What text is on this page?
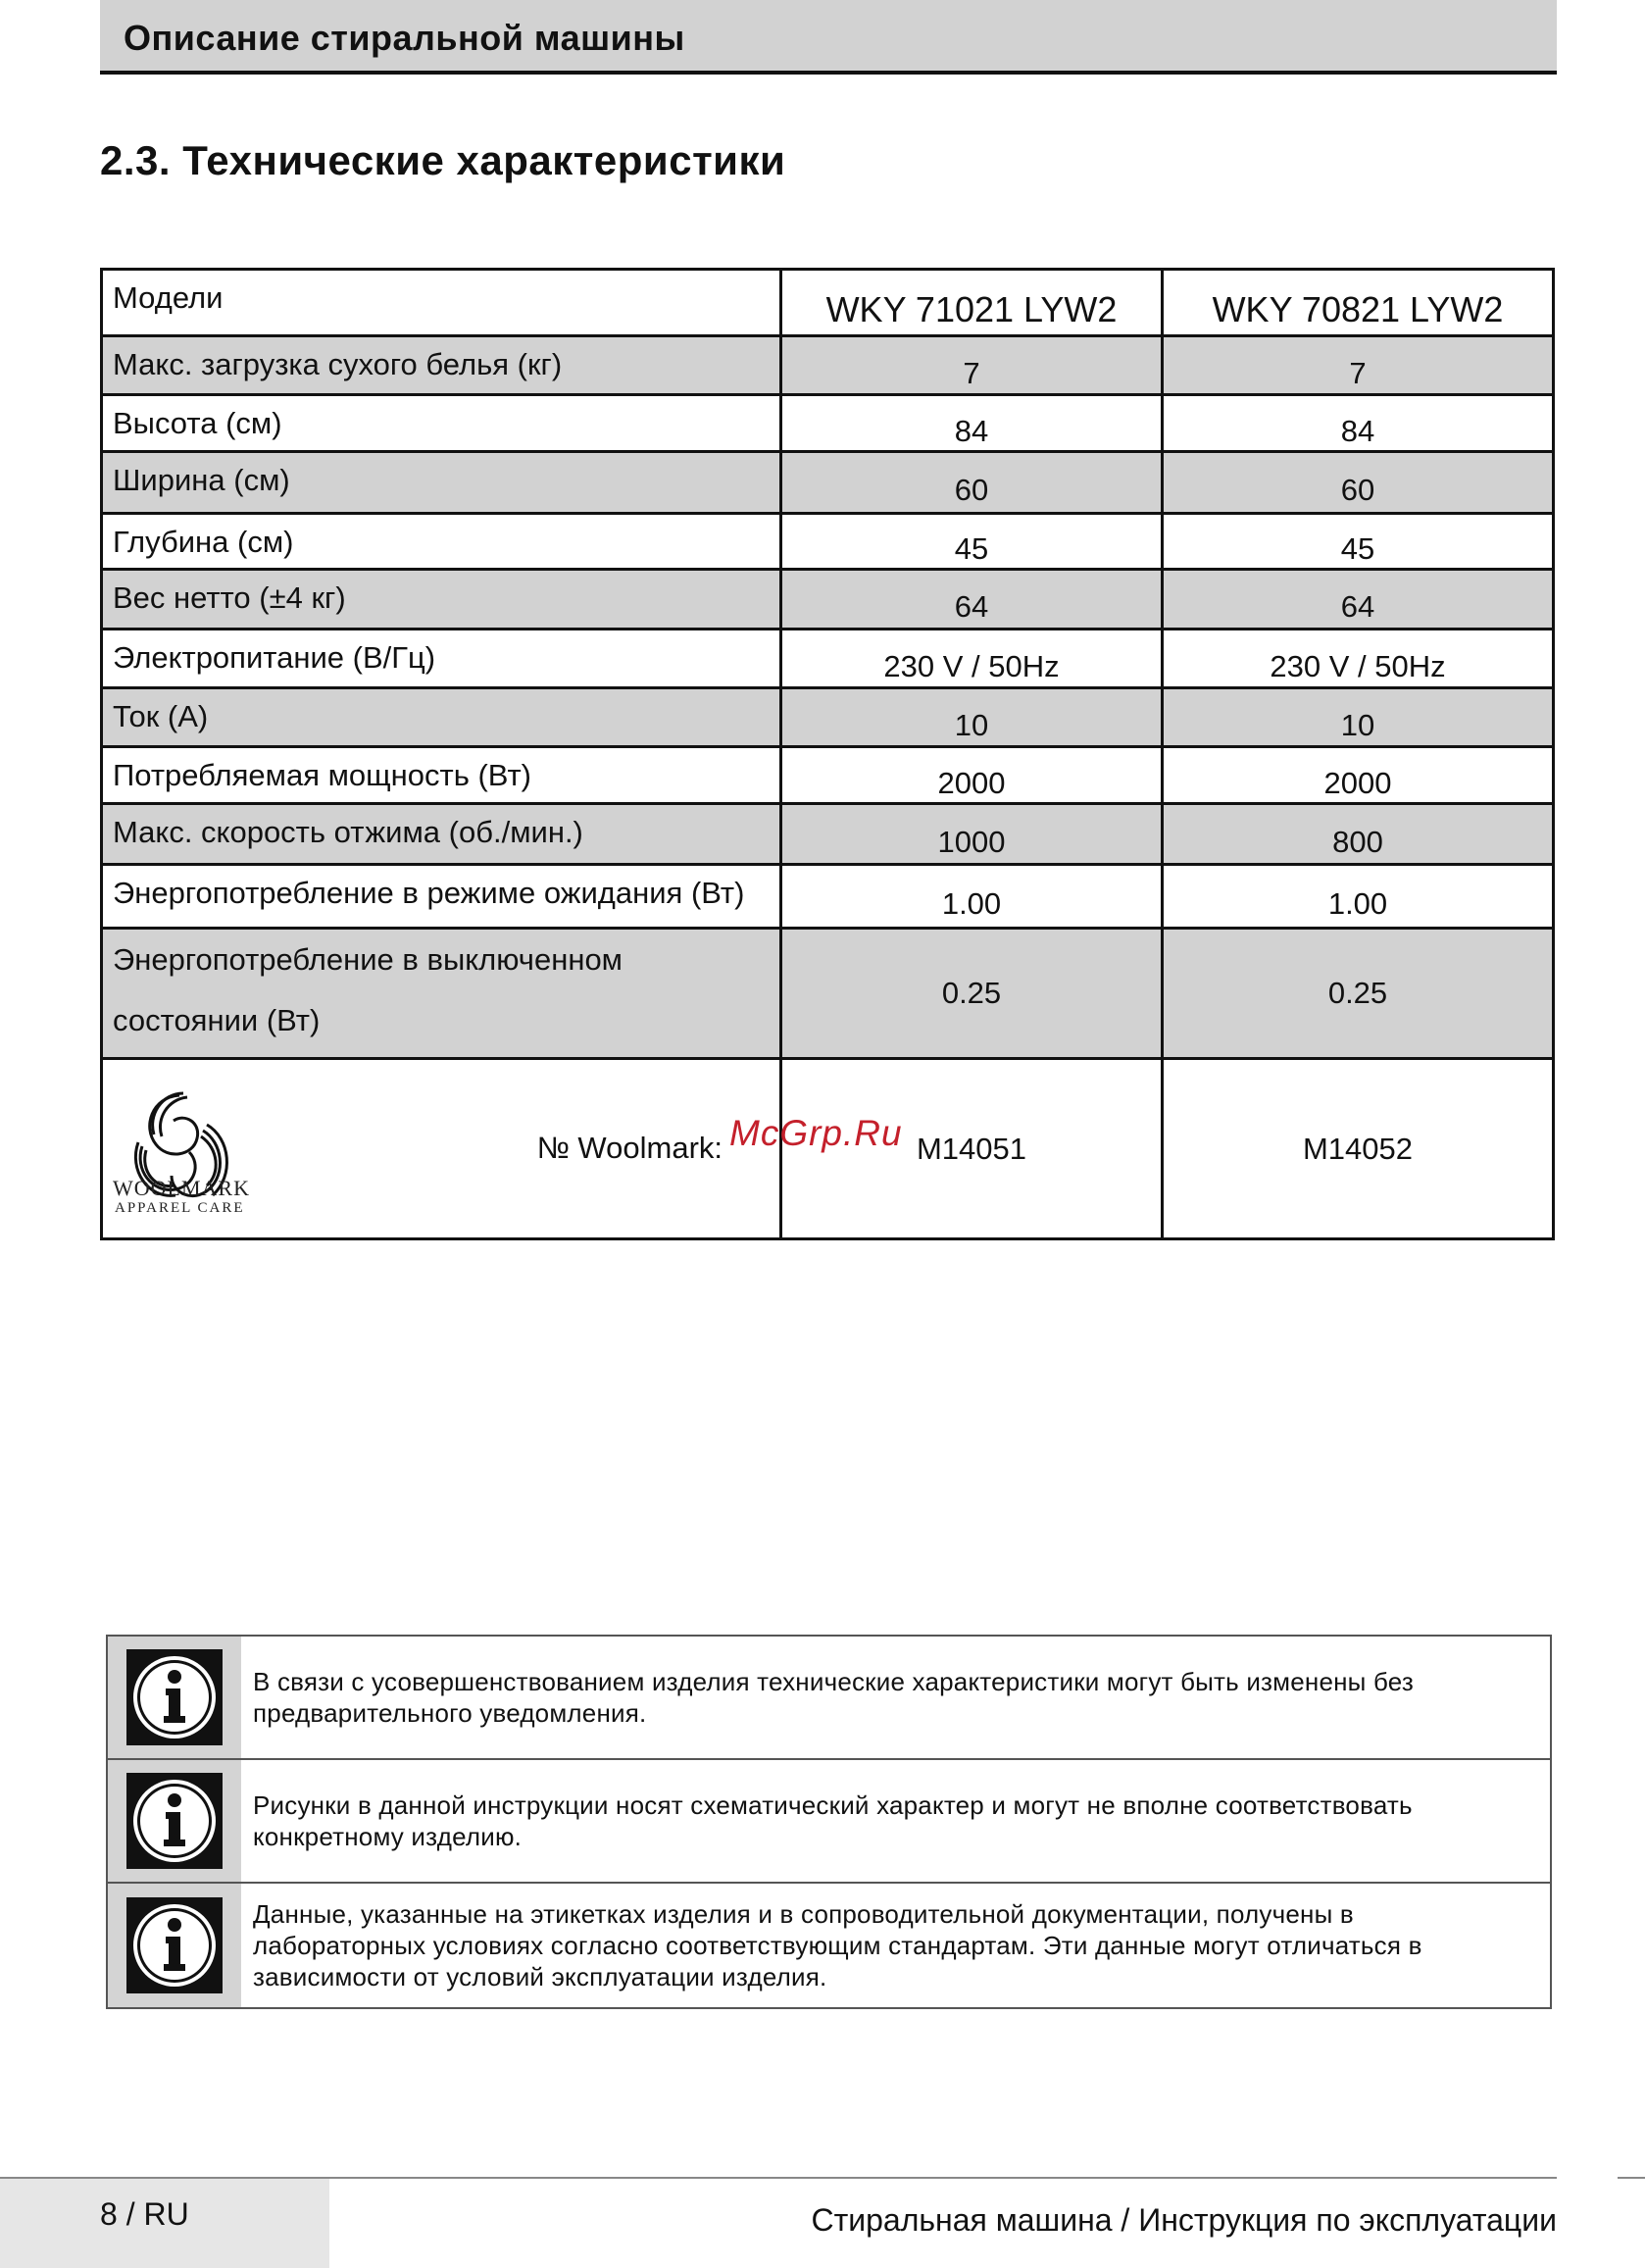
Описание стиральной машины
2.3. Технические характеристики
Модели	WKY 71021 LYW2	WKY 70821 LYW2
Макс. загрузка сухого белья (кг)	7	7
Высота (см)	84	84
Ширина (см)	60	60
Глубина (см)	45	45
Вес нетто (±4 кг)	64	64
Электропитание (В/Гц)	230 V / 50Hz	230 V / 50Hz
Ток (А)	10	10
Потребляемая мощность (Вт)	2000	2000
Макс. скорость отжима (об./мин.)	1000	800
Энергопотребление в режиме ожидания (Вт)	1.00	1.00
Энергопотребление в выключенном
состоянии (Вт)	0.25	0.25

WOOLMARK
APPAREL CARE
№ Woolmark:	M14051	M14052
McGrp.Ru
В связи с усовершенствованием изделия технические характеристики могут быть изменены без
предварительного уведомления.
Рисунки в данной инструкции носят схематический характер и могут не вполне соответствовать
конкретному изделию.
Данные, указанные на этикетках изделия и в сопроводительной документации, получены в
лабораторных условиях согласно соответствующим стандартам. Эти данные могут отличаться в
зависимости от условий эксплуатации изделия.
8 / RU	Стиральная машина / Инструкция по эксплуатации
